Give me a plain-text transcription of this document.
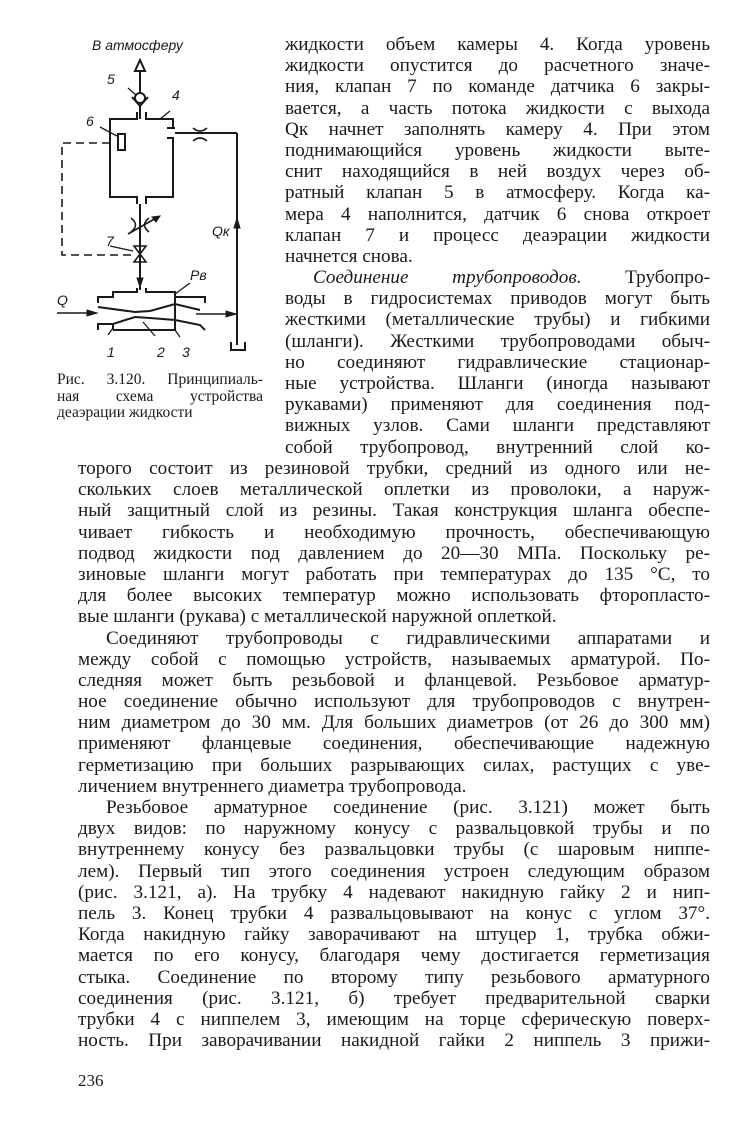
В атмосферу
5
4
6
7
Q
Qк
Рв
1	2 3
Рис. 3.120. Принципиаль-
ная схема устройства
деаэрации жидкости
жидкости объем камеры 4. Когда уровень
жидкости опустится до расчетного значе-
ния, клапан 7 по команде датчика 6 закры-
вается, а часть потока жидкости с выхода
Qк начнет заполнять камеру 4. При этом
поднимающийся уровень жидкости выте-
снит находящийся в ней воздух через об-
ратный клапан 5 в атмосферу. Когда ка-
мера 4 наполнится, датчик 6 снова откроет
клапан 7 и процесс деаэрации жидкости
начнется снова.
Соединение трубопроводов. Трубопро-
воды в гидросистемах приводов могут быть
жесткими (металлические трубы) и гибкими
(шланги). Жесткими трубопроводами обыч-
но соединяют гидравлические стационар-
ные устройства. Шланги (иногда называют
рукавами) применяют для соединения под-
вижных узлов. Сами шланги представляют
собой трубопровод, внутренний слой ко-
торого состоит из резиновой трубки, средний из одного или не-
скольких слоев металлической оплетки из проволоки, а наруж-
ный защитный слой из резины. Такая конструкция шланга обеспе-
чивает гибкость и необходимую прочность, обеспечивающую
подвод жидкости под давлением до 20—30 МПа. Поскольку ре-
зиновые шланги могут работать при температурах до 135 °С, то
для более высоких температур можно использовать фторопласто-
вые шланги (рукава) с металлической наружной оплеткой.
Соединяют трубопроводы с гидравлическими аппаратами и
между собой с помощью устройств, называемых арматурой. По-
следняя может быть резьбовой и фланцевой. Резьбовое арматур-
ное соединение обычно используют для трубопроводов с внутрен-
ним диаметром до 30 мм. Для больших диаметров (от 26 до 300 мм)
применяют фланцевые соединения, обеспечивающие надежную
герметизацию при больших разрывающих силах, растущих с уве-
личением внутреннего диаметра трубопровода.
Резьбовое арматурное соединение (рис. 3.121) может быть
двух видов: по наружному конусу с развальцовкой трубы и по
внутреннему конусу без развальцовки трубы (с шаровым ниппе-
лем). Первый тип этого соединения устроен следующим образом
(рис. 3.121, а). На трубку 4 надевают накидную гайку 2 и нип-
пель 3. Конец трубки 4 развальцовывают на конус с углом 37°.
Когда накидную гайку заворачивают на штуцер 1, трубка обжи-
мается по его конусу, благодаря чему достигается герметизация
стыка. Соединение по второму типу резьбового арматурного
соединения (рис. 3.121, б) требует предварительной сварки
трубки 4 с ниппелем 3, имеющим на торце сферическую поверх-
ность. При заворачивании накидной гайки 2 ниппель 3 прижи-
236
